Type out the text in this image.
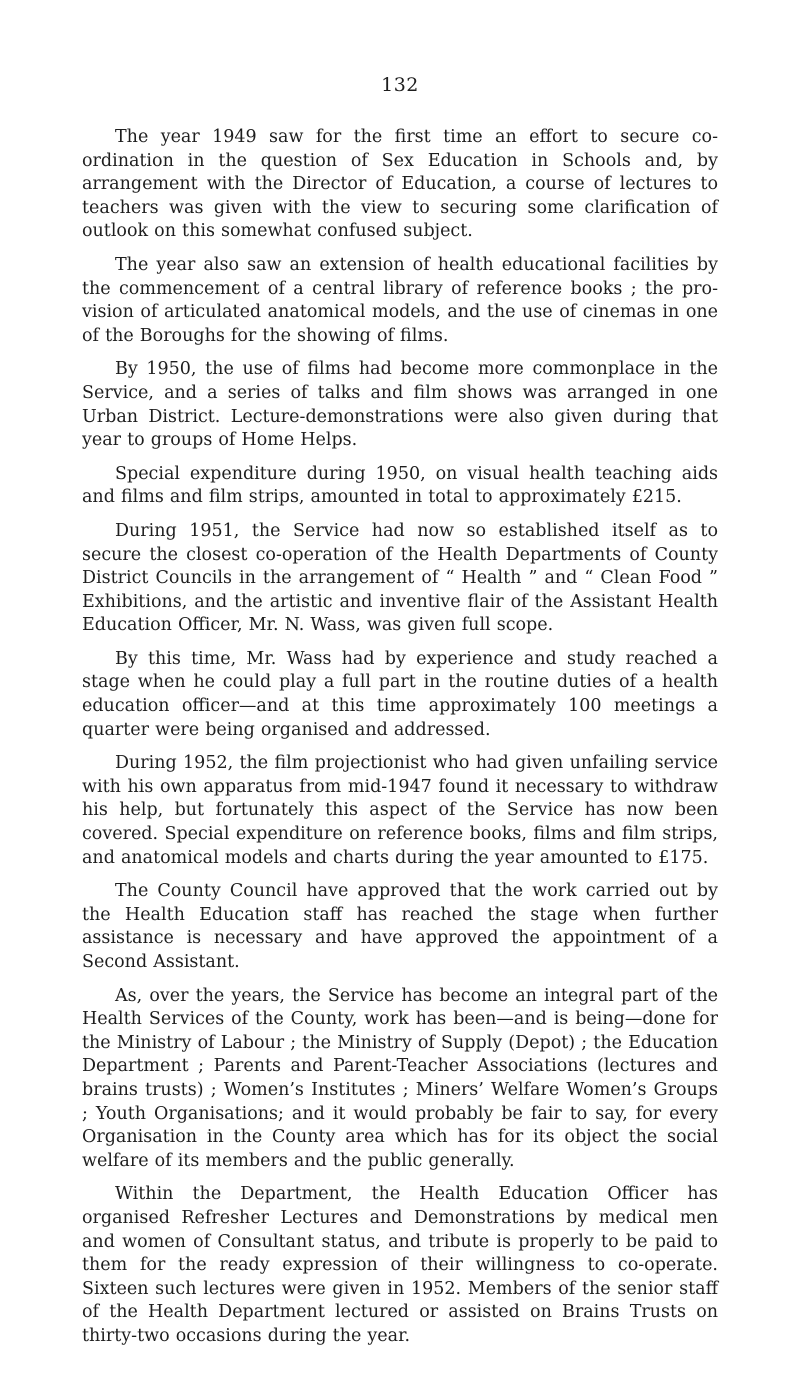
132

The year 1949 saw for the first time an effort to secure co-ordination in the question of Sex Education in Schools and, by arrangement with the Director of Education, a course of lectures to teachers was given with the view to securing some clarification of outlook on this somewhat confused subject.

The year also saw an extension of health educational facilities by the commencement of a central library of reference books ; the pro-vision of articulated anatomical models, and the use of cinemas in one of the Boroughs for the showing of films.

By 1950, the use of films had become more commonplace in the Service, and a series of talks and film shows was arranged in one Urban District. Lecture-demonstrations were also given during that year to groups of Home Helps.

Special expenditure during 1950, on visual health teaching aids and films and film strips, amounted in total to approximately £215.

During 1951, the Service had now so established itself as to secure the closest co-operation of the Health Departments of County District Councils in the arrangement of “ Health ” and “ Clean Food ” Exhibitions, and the artistic and inventive flair of the Assistant Health Education Officer, Mr. N. Wass, was given full scope.

By this time, Mr. Wass had by experience and study reached a stage when he could play a full part in the routine duties of a health education officer—and at this time approximately 100 meetings a quarter were being organised and addressed.

During 1952, the film projectionist who had given unfailing service with his own apparatus from mid-1947 found it necessary to withdraw his help, but fortunately this aspect of the Service has now been covered. Special expenditure on reference books, films and film strips, and anatomical models and charts during the year amounted to £175.

The County Council have approved that the work carried out by the Health Education staff has reached the stage when further assistance is necessary and have approved the appointment of a Second Assistant.

As, over the years, the Service has become an integral part of the Health Services of the County, work has been—and is being—done for the Ministry of Labour ; the Ministry of Supply (Depot) ; the Education Department ; Parents and Parent-Teacher Associations (lectures and brains trusts) ; Women’s Institutes ; Miners’ Welfare Women’s Groups ; Youth Organisations; and it would probably be fair to say, for every Organisation in the County area which has for its object the social welfare of its members and the public generally.

Within the Department, the Health Education Officer has organised Refresher Lectures and Demonstrations by medical men and women of Consultant status, and tribute is properly to be paid to them for the ready expression of their willingness to co-operate. Sixteen such lectures were given in 1952. Members of the senior staff of the Health Department lectured or assisted on Brains Trusts on thirty-two occasions during the year.
